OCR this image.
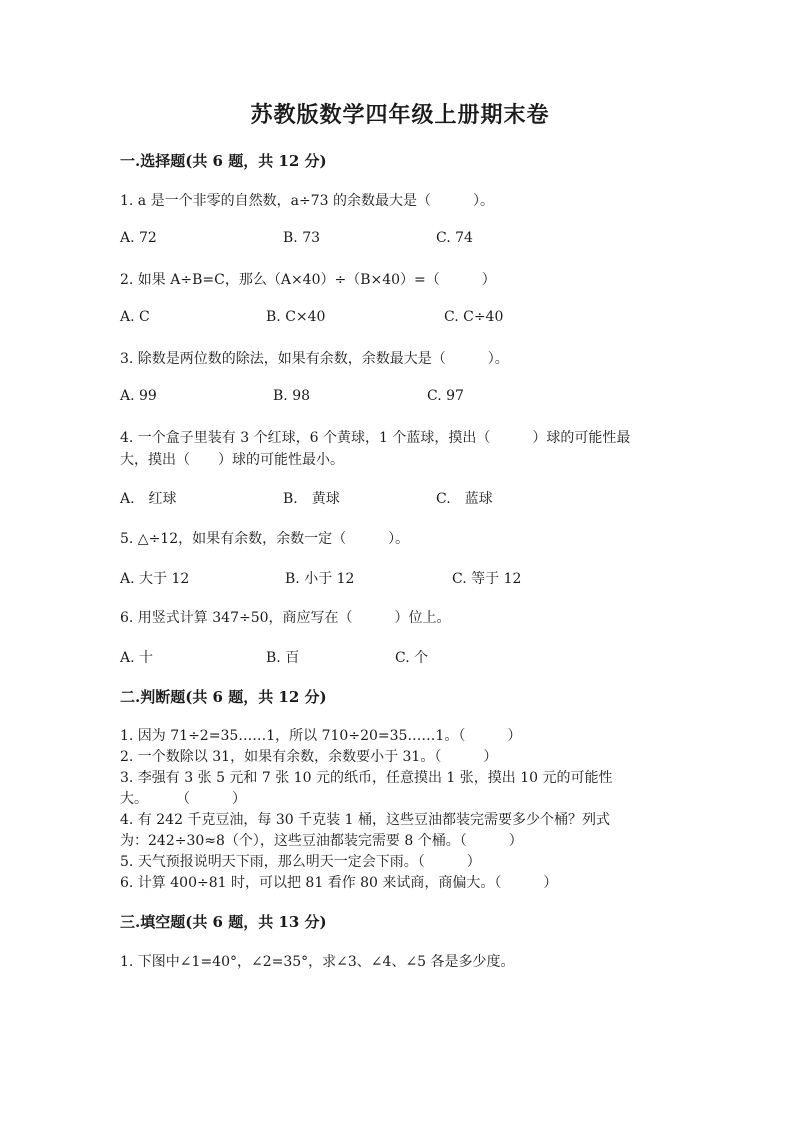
苏教版数学四年级上册期末卷
一.选择题(共 6 题，共 12 分)
1. a 是一个非零的自然数，a÷73 的余数最大是（　　　）。
A. 72	B. 73	C. 74
2. 如果 A÷B=C，那么（A×40）÷（B×40）=（　　　）
A. C	B. C×40	C. C÷40
3. 除数是两位数的除法，如果有余数，余数最大是（　　　）。
A. 99	B. 98	C. 97
4. 一个盒子里装有 3 个红球，6 个黄球，1 个蓝球，摸出（　　　）球的可能性最
大，摸出（　　）球的可能性最小。
A.　红球	B.　黄球	C.　蓝球
5. △÷12，如果有余数，余数一定（　　　）。
A. 大于 12	B. 小于 12	C. 等于 12
6. 用竖式计算 347÷50，商应写在（　　　）位上。
A. 十	B. 百	C. 个
二.判断题(共 6 题，共 12 分)
1. 因为 71÷2=35……1，所以 710÷20=35……1。（　　　）
2. 一个数除以 31，如果有余数，余数要小于 31。（　　　）
3. 李强有 3 张 5 元和 7 张 10 元的纸币，任意摸出 1 张，摸出 10 元的可能性
大。　　　（　　　）
4. 有 242 千克豆油，每 30 千克装 1 桶，这些豆油都装完需要多少个桶？列式
为：242÷30≈8（个），这些豆油都装完需要 8 个桶。（　　　）
5. 天气预报说明天下雨，那么明天一定会下雨。（　　　）
6. 计算 400÷81 时，可以把 81 看作 80 来试商，商偏大。（　　　）
三.填空题(共 6 题，共 13 分)
1. 下图中∠1=40°，∠2=35°，求∠3、∠4、∠5 各是多少度。
